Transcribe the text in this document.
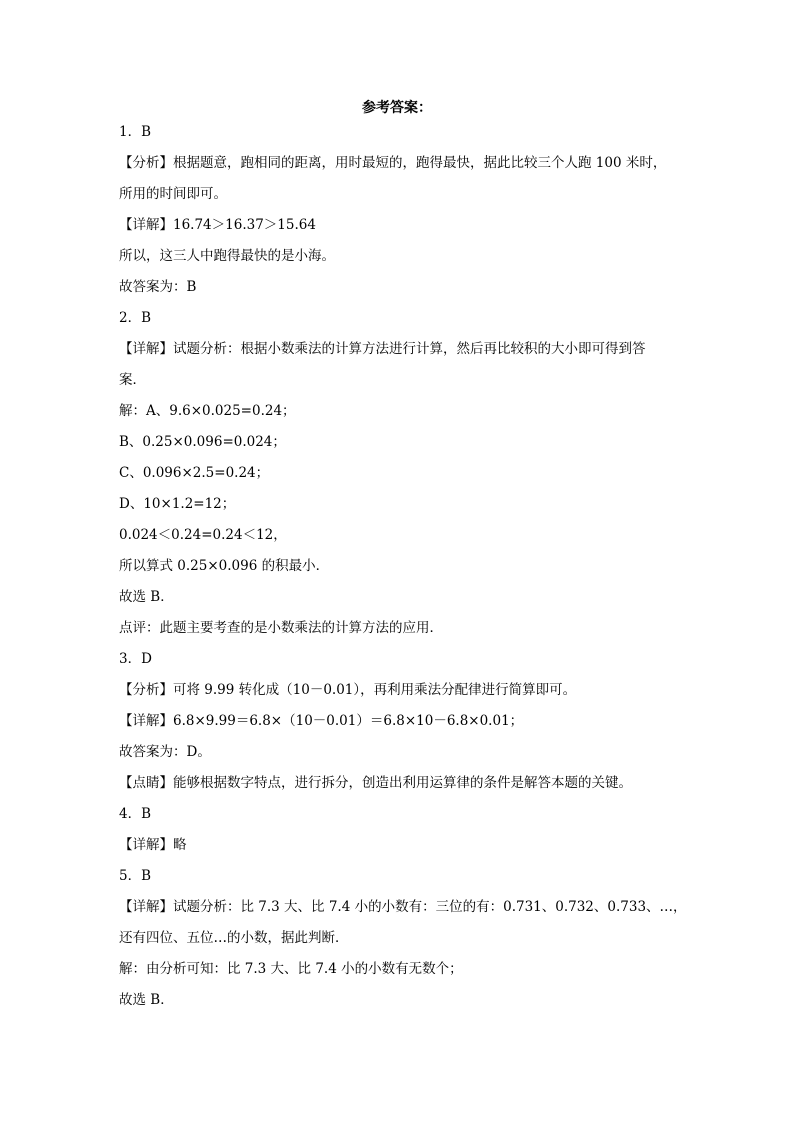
参考答案：
1．B
【分析】根据题意，跑相同的距离，用时最短的，跑得最快，据此比较三个人跑 100 米时，
所用的时间即可。
【详解】16.74＞16.37＞15.64
所以，这三人中跑得最快的是小海。
故答案为：B
2．B
【详解】试题分析：根据小数乘法的计算方法进行计算，然后再比较积的大小即可得到答
案．
解：A、9.6×0.025=0.24；
B、0.25×0.096=0.024；
C、0.096×2.5=0.24；
D、10×1.2=12；
0.024＜0.24=0.24＜12，
所以算式 0.25×0.096 的积最小．
故选 B．
点评：此题主要考查的是小数乘法的计算方法的应用．
3．D
【分析】可将 9.99 转化成（10－0.01），再利用乘法分配律进行简算即可。
【详解】6.8×9.99＝6.8×（10－0.01）＝6.8×10－6.8×0.01；
故答案为：D。
【点睛】能够根据数字特点，进行拆分，创造出利用运算律的条件是解答本题的关键。
4．B
【详解】略
5．B
【详解】试题分析：比 7.3 大、比 7.4 小的小数有：三位的有：0.731、0.732、0.733、…，
还有四位、五位…的小数，据此判断．
解：由分析可知：比 7.3 大、比 7.4 小的小数有无数个；
故选 B．
